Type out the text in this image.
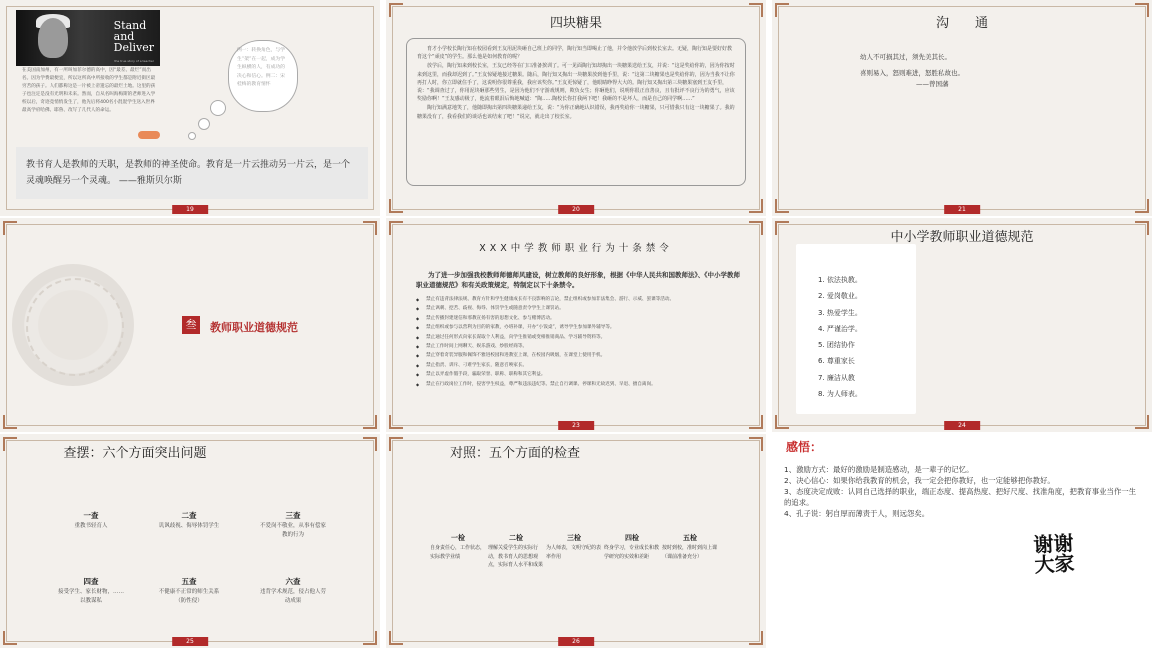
Stand
and
Deliver
the true story of a teacher
在美国南加州，有一所叫加菲尔德的高中，因“最差、最烂”而出名。因为学费最便宜，所以这所高中所接收的学生都是附近街区最穷苦的孩子。人们都称这是一片被上帝遗忘的最烂土地。这里的孩子也注定是没有光明和未来。然而，自从名叫海梅斯的老师进入学校以后，奇迹竟悄悄发生了，他先后将400名小混混学生送入世界最高学府哈佛、耶鲁、改写了几代人的命运。
例一：转换角色，与学生“架”在一起，成为学生纵横的人，有成功的决心和信心。例二：宋桂梅的教育情怀
教书育人是教师的天职，是教师的神圣使命。教育是一片云推动另一片云，是一个灵魂唤醒另一个灵魂。 ——雅斯贝尔斯
19
四块糖果

育才小学校长陶行知在校园看到王友用泥块砸自己班上的同学，陶行知当即喝止了他，并令他放学后到校长室去。无疑，陶行知是要好好教育这个“顽皮”的学生。那么他是如何教育的呢？

放学后，陶行知来到校长室，王友已经等在门口准备挨训了。可一见面陶行知却掏出一块糖果送给王友，并说：“这是奖给你的，因为你按时来到这里，而我却迟到了。”王友惊疑地接过糖果。随后，陶行知又掏出一块糖果放到他手里，说：“这第二块糖果也是奖给你的，因为当我不让你再打人时，你立即就住手了，这说明你很尊重我，我应该奖你。”王友更惊疑了，他眼睛睁得大大的。陶行知又掏出第三块糖果塞到王友手里，说：“我调查过了，你用泥块砸那些男生，是因为他们不守游戏规则，欺负女生；你砸他们，说明你很正直善良，且有批评不良行为的勇气，应该奖励你啊！”王友感动极了，他流着眼泪后悔地喊道：“陶……陶校长你打我两下吧！我砸的不是坏人，而是自己的同学啊……”

陶行知满意地笑了，他随即掏出第四块糖果递给王友，说：“为你正确地认识错误，我再奖给你一块糖果，只可惜我只有这一块糖果了。我的糖果没有了，我看我们的谈话也该结束了吧！”说完，就走出了校长室。

20
沟　　通
幼人不可损其过，须先美其长。
喜则易入，怒则难进，怒胜私故也。
——曾国藩
21
叁	教师职业道德规范
XXX中学教师职业行为十条禁令
为了进一步加强我校教师师德师风建设，树立教师的良好形象，根据《中华人民共和国教师法》、《中小学教师职业道德规范》和有关政策规定，特制定以下十条禁令。
◆ 禁止有违背法律法规、教育方针和学生健康成长有不良影响的言论，禁止组织或参加非法集会、游行、示威、罢课等活动。
◆ 禁止讽刺、挖苦、歧视、侮辱、体罚学生或随意责令学生上课罚站。
◆ 禁止传播封建迷信和邪教宣扬有害的思想文化、参与赌博活动。
◆ 禁止组织或参与以营利为目的的家教，办班补课，开办“小饭桌”，诱导学生参加课外辅导等。
◆ 禁止通过任何形式向家长谋取个人利益，向学生推销或变相推销商品、学习辅导资料等。
◆ 禁止工作时间上网聊天、娱乐游戏、炒股经商等。
◆ 禁止穿着奇装异服和佩饰不雅进校园和进教室上课，在校园内吸烟，在课堂上使用手机。
◆ 禁止指责、训斥、刁难学生家长，随意召唤家长。
◆ 禁止以弄虚作假手段，骗取荣誉、职称、职称和其它利益。
◆ 禁止在行政岗位工作时，侵害学生权益，尊严和违法违纪等。禁止自行调课、停课和无故迟到、早退、擅自离岗。
23
中小学教师职业道德规范
1. 依法执教。
2. 爱岗敬业。
3. 热爱学生。
4. 严谨治学。
5. 团结协作
6. 尊重家长
7. 廉洁从教
8. 为人师表。
24
查摆：六个方面突出问题
一查
重教书轻育人
二查
讥讽歧视、侮辱体罚学生
三查
不爱岗不敬业，从事有偿家教的行为
四查
接受学生、家长财物，……以教谋私
五查
不健康不正常的师生关系（防性侵）
六查
违背学术规范，侵占他人劳动成果
25
对照：五个方面的检查
一检
自身责任心，工作状态，实际教学业绩
二检
理解关爱学生的实际行动，教书育人的思想观点，实际育人水平和成果
三检
为人师表，文明守纪的表率作用
四检
终身学习，专业成长和教学研究的实效和差距
五检
按时到校，准时到岗上课（课前准备充分）
26
感悟：
1、激励方式：最好的激励是制造感动，是一辈子的记忆。
2、决心信心：如果你给我教育的机会，我一定会把你教好，也一定能够把你教好。
3、态度决定成败：认同自己选择的职业，端正态度、提高热度、把好尺度、找准角度，把教育事业当作一生的追求。
4、孔子说：躬自厚而薄责于人，则远怨矣。
谢谢大家
